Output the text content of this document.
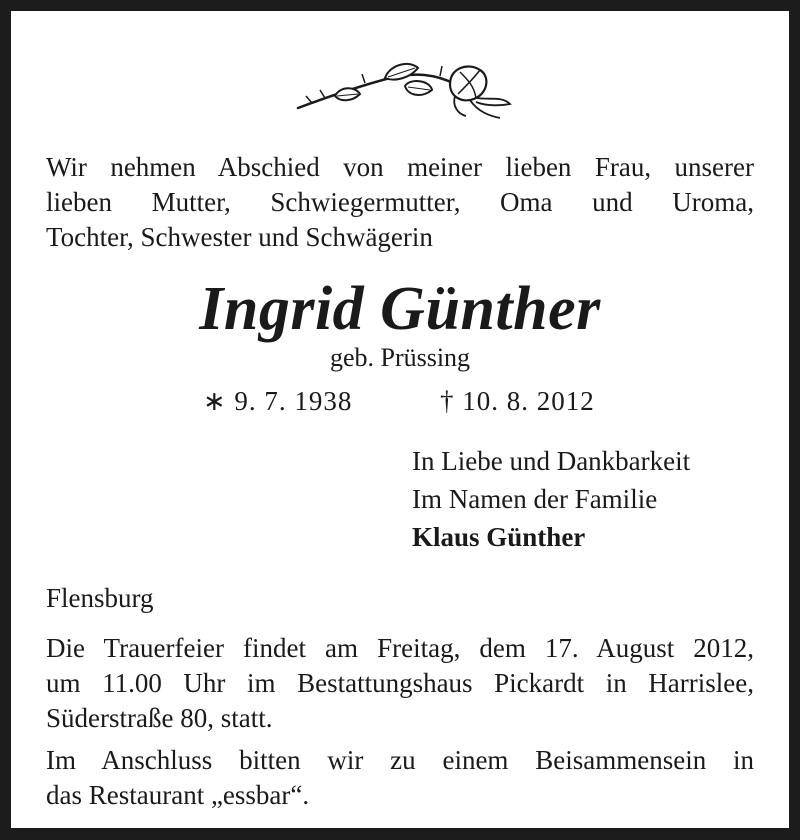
Wir nehmen Abschied von meiner lieben Frau, unserer
lieben Mutter, Schwiegermutter, Oma und Uroma,
Tochter, Schwester und Schwägerin
Ingrid Günther
geb. Prüssing
∗ 9. 7. 1938	† 10. 8. 2012
In Liebe und Dankbarkeit
Im Namen der Familie
Klaus Günther
Flensburg
Die Trauerfeier findet am Freitag, dem 17. August 2012,
um 11.00 Uhr im Bestattungshaus Pickardt in Harrislee,
Süderstraße 80, statt.
Im Anschluss bitten wir zu einem Beisammensein in
das Restaurant „essbar“.
